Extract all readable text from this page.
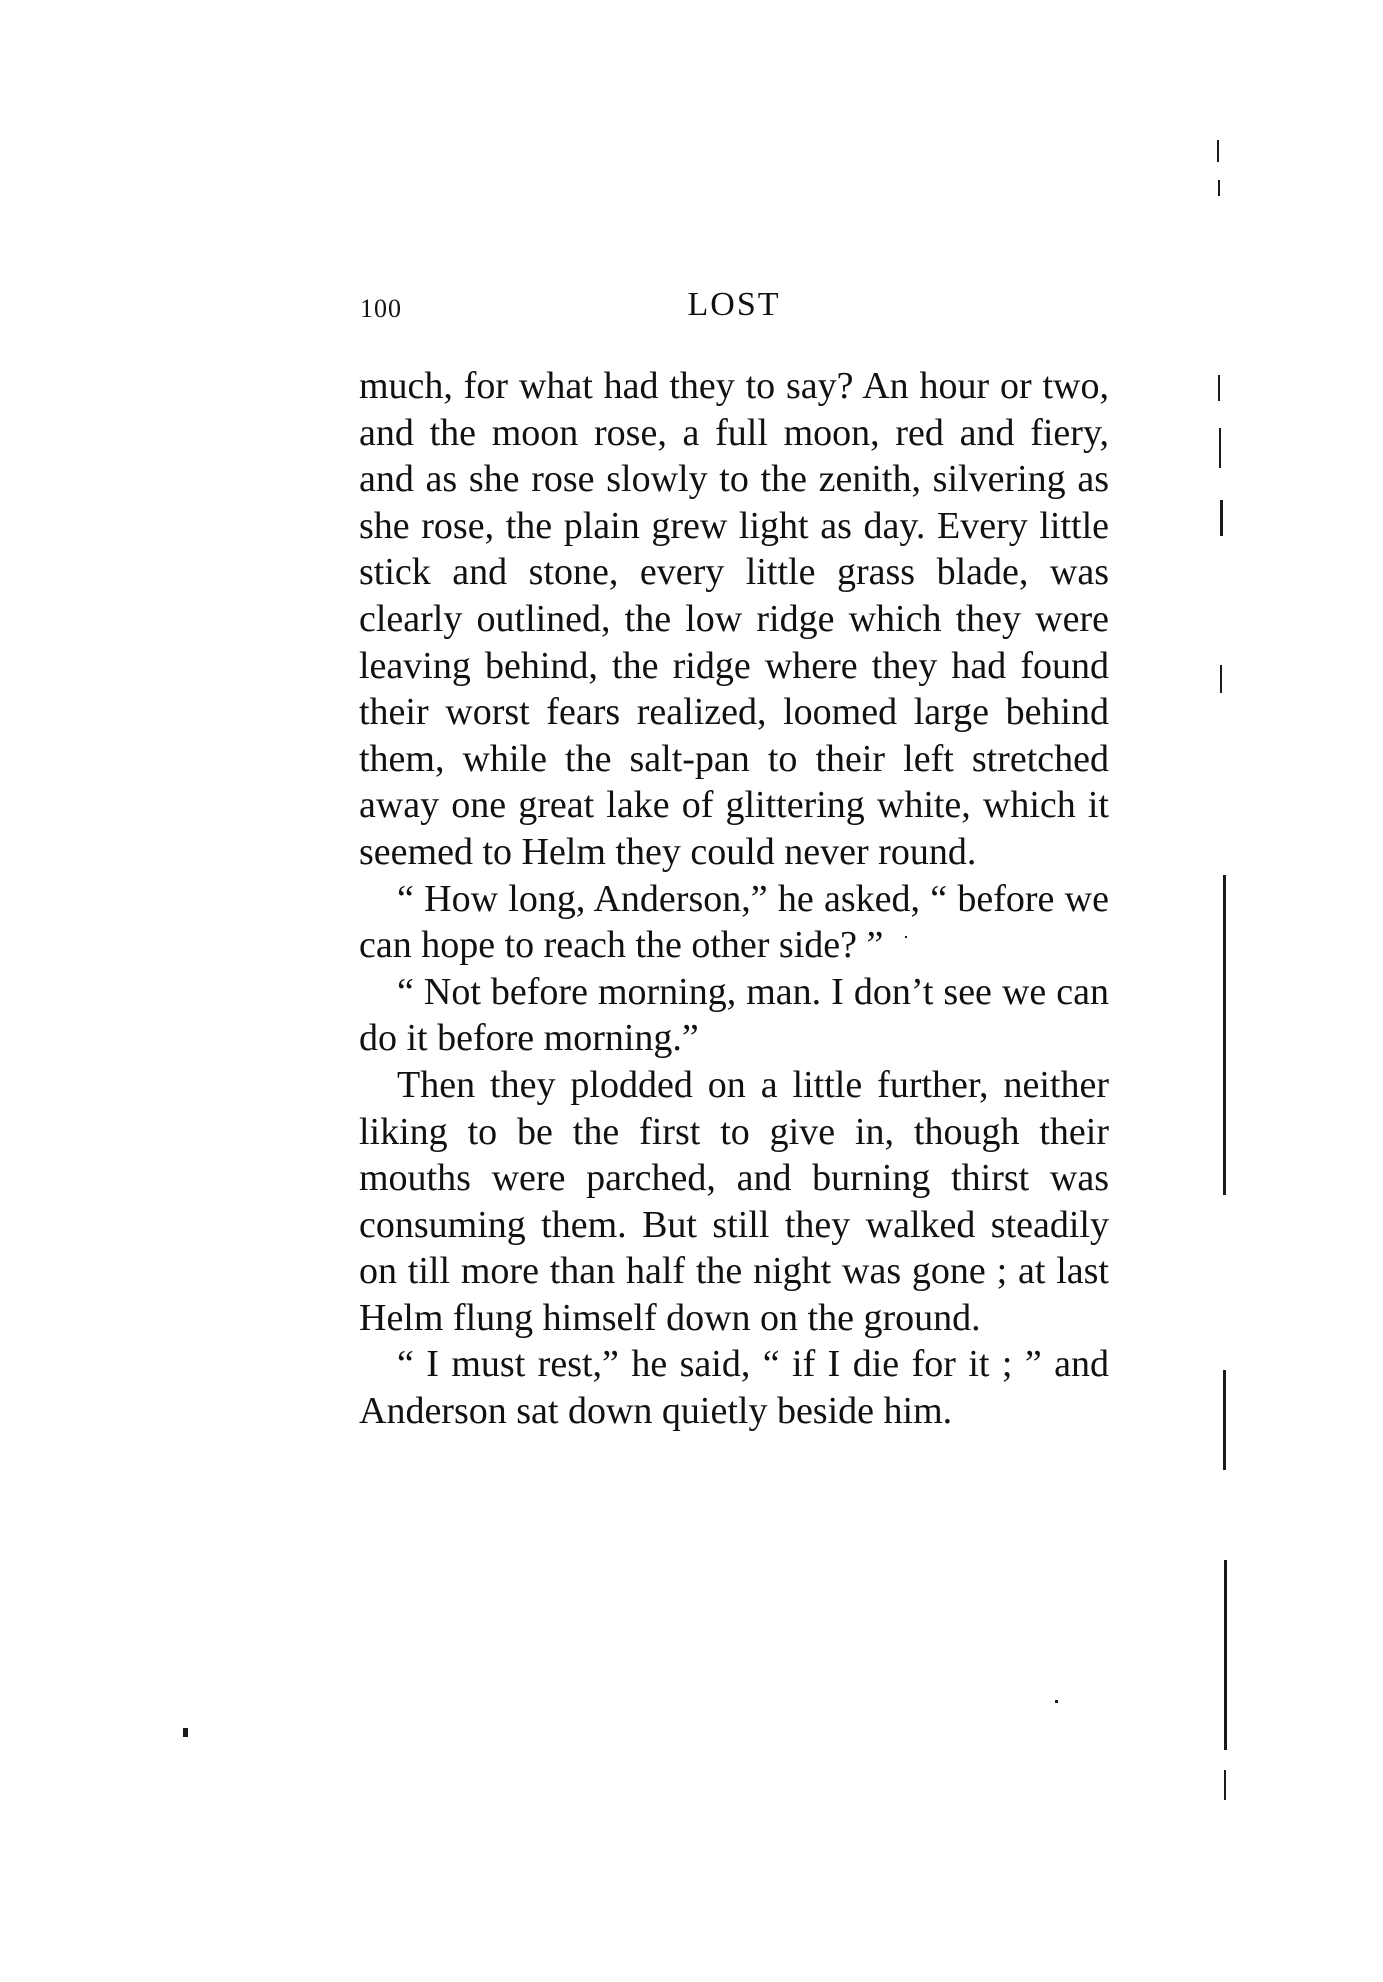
100	LOST

much, for what had they to say? An hour or two, and the moon rose, a full moon, red and fiery, and as she rose slowly to the zenith, silvering as she rose, the plain grew light as day. Every little stick and stone, every little grass blade, was clearly outlined, the low ridge which they were leaving behind, the ridge where they had found their worst fears realized, loomed large behind them, while the salt-pan to their left stretched away one great lake of glittering white, which it seemed to Helm they could never round.

“ How long, Anderson,” he asked, “ before we can hope to reach the other side? ”

“ Not before morning, man. I don’t see we can do it before morning.”

Then they plodded on a little further, neither liking to be the first to give in, though their mouths were parched, and burning thirst was consuming them. But still they walked steadily on till more than half the night was gone ; at last Helm flung himself down on the ground.

“ I must rest,” he said, “ if I die for it ; ” and Anderson sat down quietly beside him.
